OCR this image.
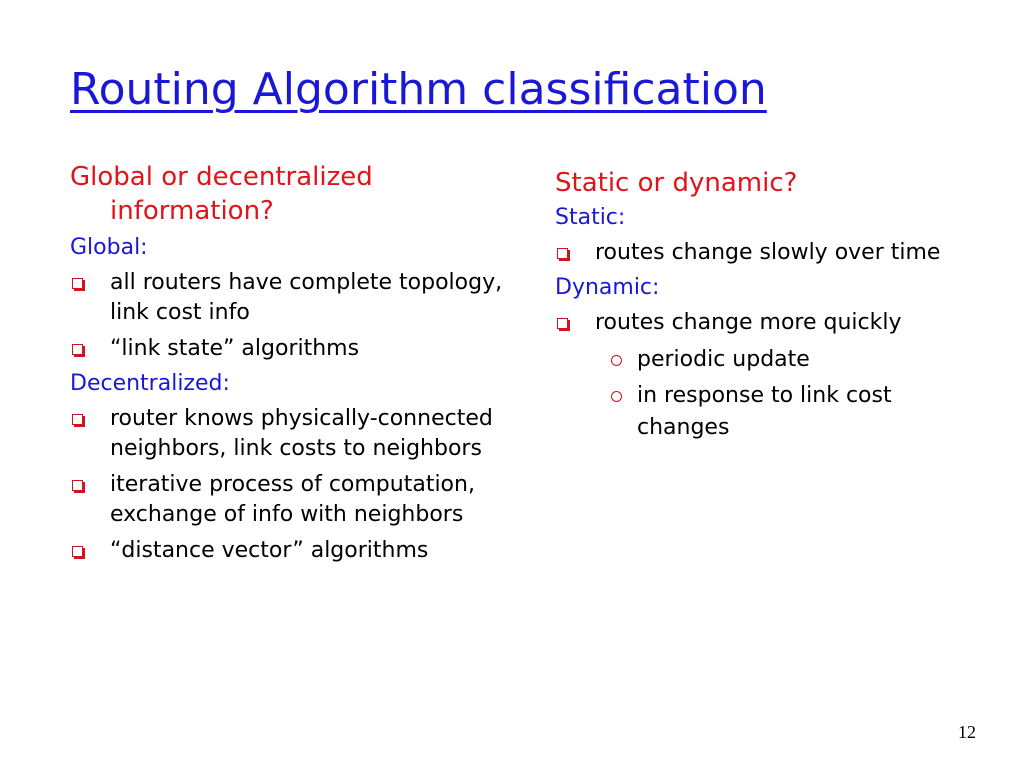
Routing Algorithm classification
Global or decentralized information?
Global:
all routers have complete topology, link cost info
“link state” algorithms
Decentralized:
router knows physically-connected neighbors, link costs to neighbors
iterative process of computation, exchange of info with neighbors
“distance vector” algorithms
Static or dynamic?
Static:
routes change slowly over time
Dynamic:
routes change more quickly
periodic update
in response to link cost changes
12
